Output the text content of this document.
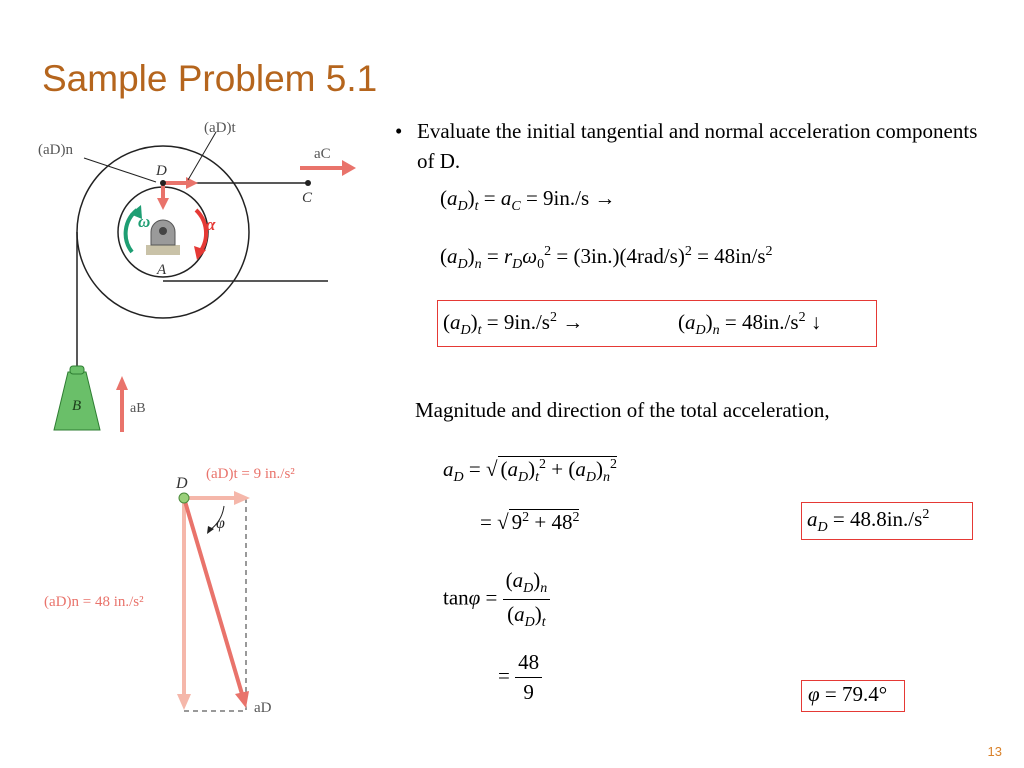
Sample Problem 5.1
(aD)t
(aD)n	aC
D
C
A
ω	α
B	aB
D
(aD)t = 9 in./s²
(aD)n = 48 in./s²
φ
aD
• Evaluate the initial tangential and normal acceleration components of D.
$(a_D)_t = a_C = 9in./s$ →
$(a_D)_n = r_D\omega_0^2 = (3in.)(4rad/s)^2 = 48in/s^2$
$(a_D)_t = 9in./s^2$ →	$(a_D)_n = 48in./s^2$ ↓
Magnitude and direction of the total acceleration,
$a_D$ = √ $(a_D)_t^2 + (a_D)_n^2$
= √ $9^2 + 48^2$	$a_D = 48.8in./s^2$
$\tan\varphi = \frac{(a_D)_n}{(a_D)_t}$
= $\frac{48}{9}$	φ = 79.4°
13
